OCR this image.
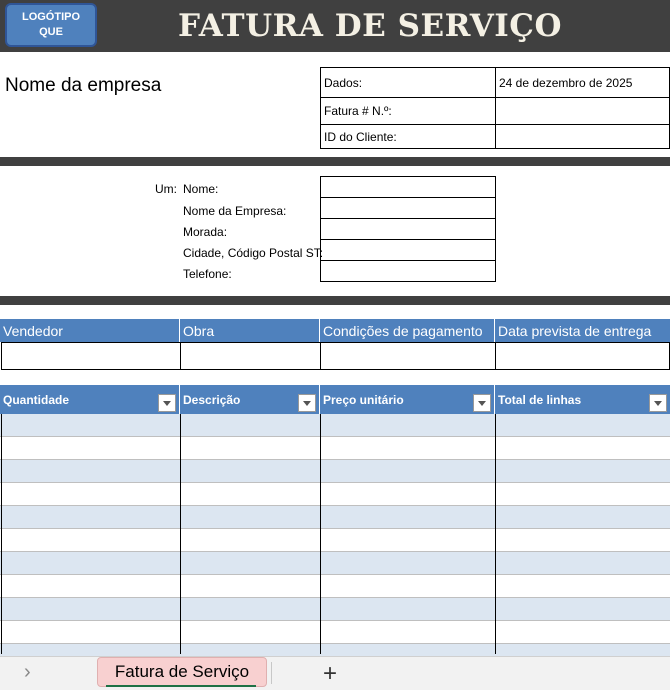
LOGÓTIPO
QUE	FATURA DE SERVIÇO
Nome da empresa	Dados:	24 de dezembro de 2025
Fatura # N.º:
ID do Cliente:
Um: Nome:
Nome da Empresa:
Morada:
Cidade, Código Postal ST:
Telefone:
Vendedor	Obra	Condições de pagamento	Data prevista de entrega
Quantidade	Descrição	Preço unitário	Total de linhas
›	Fatura de Serviço	+
